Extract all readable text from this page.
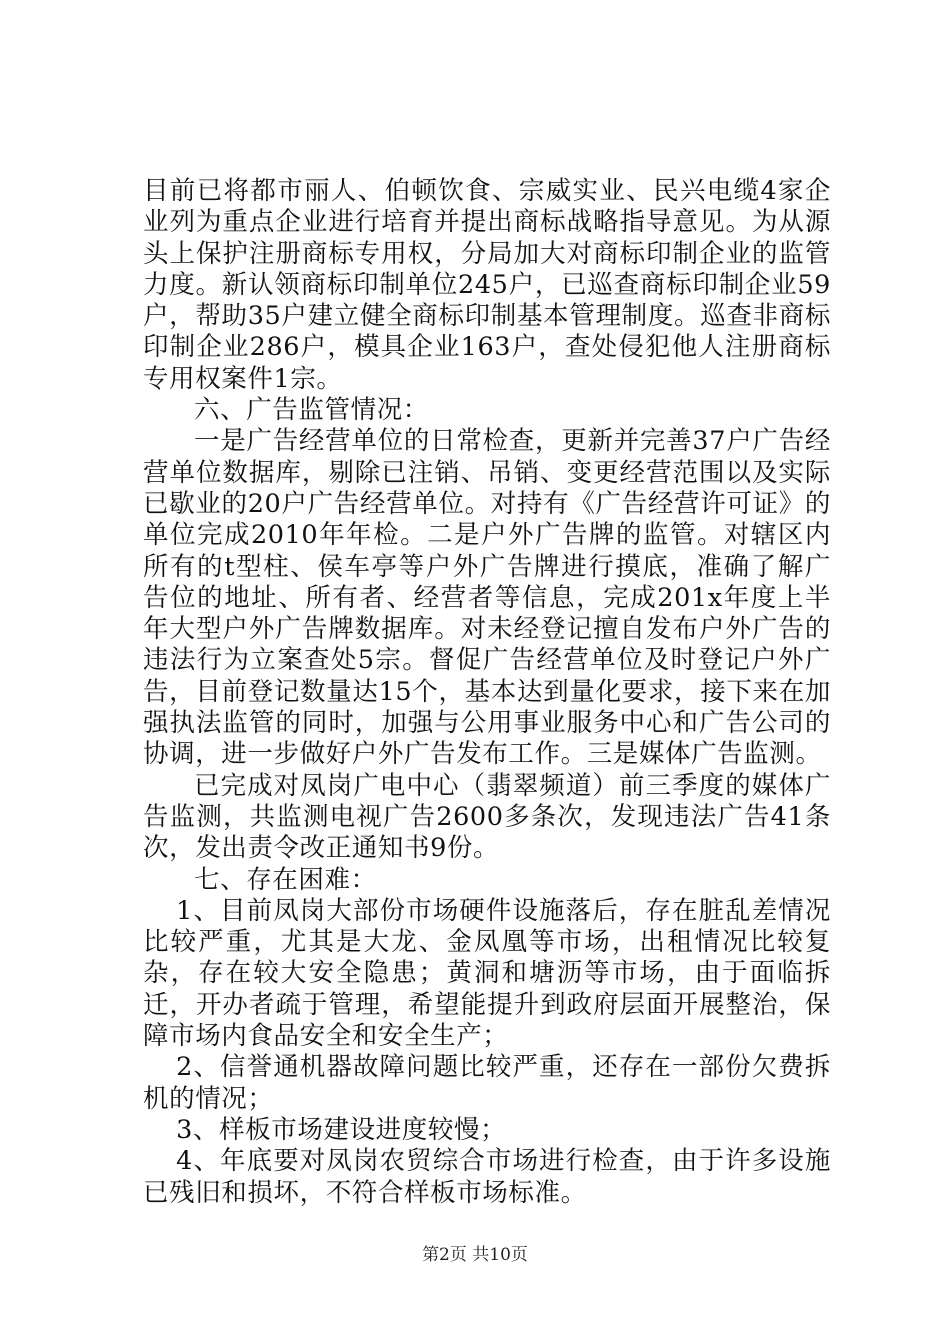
目前已将都市丽人、伯顿饮食、宗威实业、民兴电缆4家企业列为重点企业进行培育并提出商标战略指导意见。为从源头上保护注册商标专用权，分局加大对商标印制企业的监管力度。新认领商标印制单位245户，已巡查商标印制企业59户，帮助35户建立健全商标印制基本管理制度。巡查非商标印制企业286户，模具企业163户，查处侵犯他人注册商标专用权案件1宗。

六、广告监管情况：

一是广告经营单位的日常检查，更新并完善37户广告经营单位数据库，剔除已注销、吊销、变更经营范围以及实际已歇业的20户广告经营单位。对持有《广告经营许可证》的单位完成2010年年检。二是户外广告牌的监管。对辖区内所有的t型柱、侯车亭等户外广告牌进行摸底，准确了解广告位的地址、所有者、经营者等信息，完成201x年度上半年大型户外广告牌数据库。对未经登记擅自发布户外广告的违法行为立案查处5宗。督促广告经营单位及时登记户外广告，目前登记数量达15个，基本达到量化要求，接下来在加强执法监管的同时，加强与公用事业服务中心和广告公司的协调，进一步做好户外广告发布工作。三是媒体广告监测。

已完成对凤岗广电中心（翡翠频道）前三季度的媒体广告监测，共监测电视广告2600多条次，发现违法广告41条次，发出责令改正通知书9份。

七、存在困难：

1、目前凤岗大部份市场硬件设施落后，存在脏乱差情况比较严重，尤其是大龙、金凤凰等市场，出租情况比较复杂，存在较大安全隐患；黄洞和塘沥等市场，由于面临拆迁，开办者疏于管理，希望能提升到政府层面开展整治，保障市场内食品安全和安全生产；

2、信誉通机器故障问题比较严重，还存在一部份欠费拆机的情况；

3、样板市场建设进度较慢；

4、年底要对凤岗农贸综合市场进行检查，由于许多设施已残旧和损坏，不符合样板市场标准。

第2页 共10页
